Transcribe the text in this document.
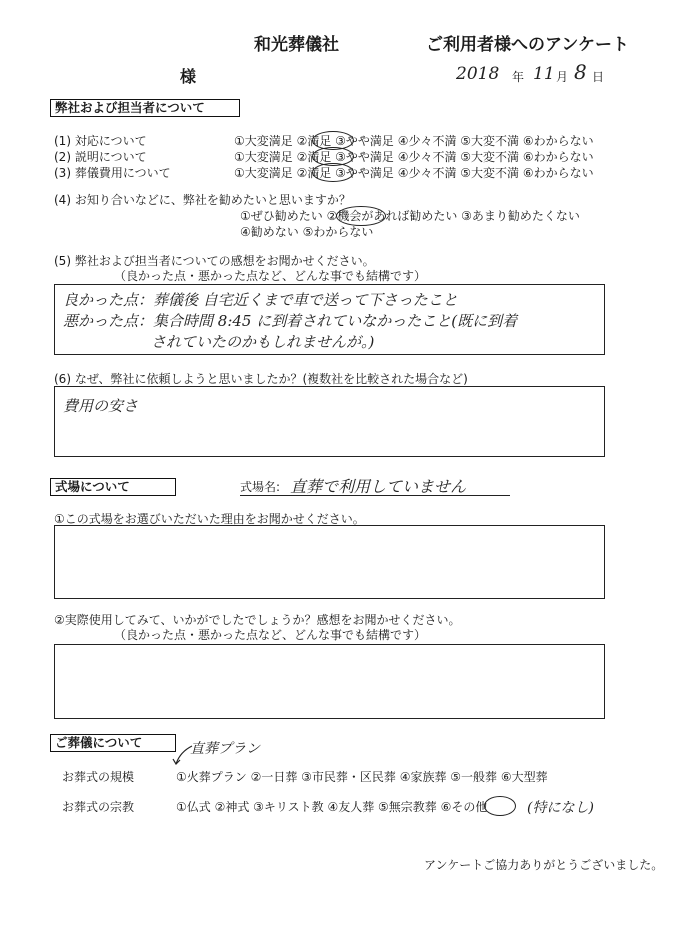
和光葬儀社	ご利用者様へのアンケート
様	2018 年 11 月 8 日
弊社および担当者について
(1) 対応について	①大変満足 ②満足 ③やや満足 ④少々不満 ⑤大変不満 ⑥わからない
(2) 説明について	①大変満足 ②満足 ③やや満足 ④少々不満 ⑤大変不満 ⑥わからない
(3) 葬儀費用について	①大変満足 ②満足 ③やや満足 ④少々不満 ⑤大変不満 ⑥わからない
(4) お知り合いなどに、弊社を勧めたいと思いますか？
①ぜひ勧めたい ②機会があれば勧めたい ③あまり勧めたくない
④勧めない ⑤わからない
(5) 弊社および担当者についての感想をお聞かせください。
（良かった点・悪かった点など、どんな事でも結構です）
良かった点：葬儀後 自宅近くまで車で送って下さったこと
悪かった点：集合時間 8:45 に到着されていなかったこと(既に到着
されていたのかもしれませんが。)
(6) なぜ、弊社に依頼しようと思いましたか？(複数社を比較された場合など)
費用の安さ
式場について	式場名: 直葬で利用していません
①この式場をお選びいただいた理由をお聞かせください。
②実際使用してみて、いかがでしたでしょうか？感想をお聞かせください。
（良かった点・悪かった点など、どんな事でも結構です）
ご葬儀について	直葬プラン
お葬式の規模	①火葬プラン ②一日葬 ③市民葬・区民葬 ④家族葬 ⑤一般葬 ⑥大型葬
お葬式の宗教	①仏式 ②神式 ③キリスト教 ④友人葬 ⑤無宗教葬 ⑥その他	(特になし)
アンケートご協力ありがとうございました。
